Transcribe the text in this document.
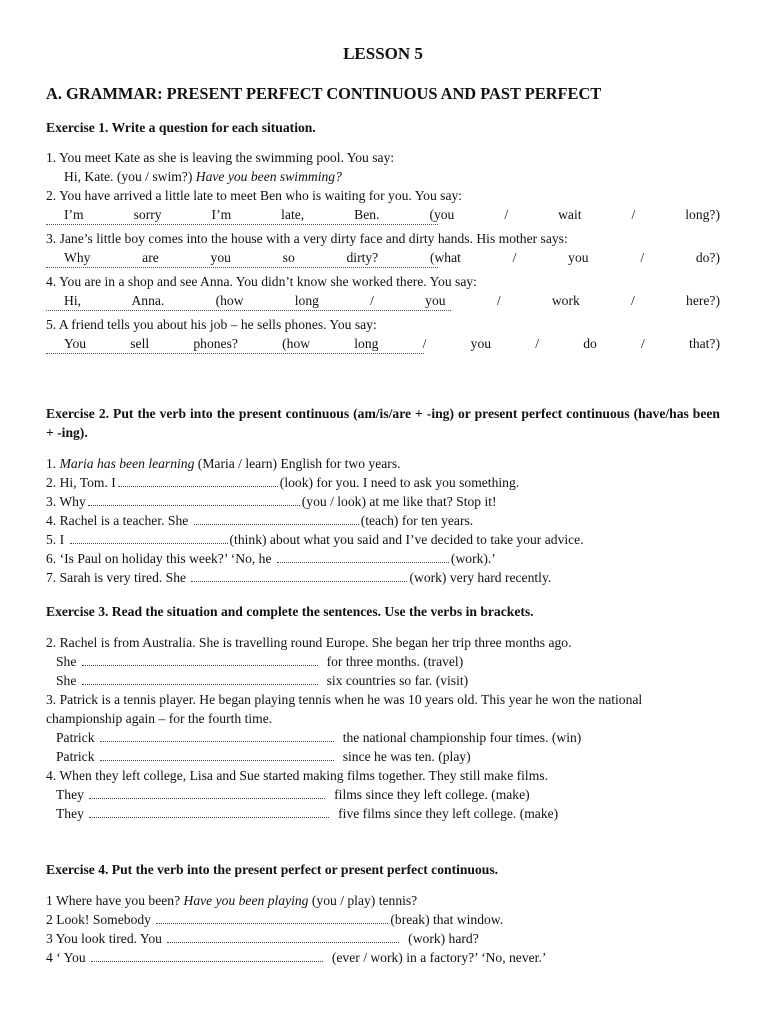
LESSON 5
A. GRAMMAR: PRESENT PERFECT CONTINUOUS AND PAST PERFECT

Exercise 1. Write a question for each situation.

1. You meet Kate as she is leaving the swimming pool. You say:

Hi, Kate. (you / swim?) Have you been swimming?

2. You have arrived a little late to meet Ben who is waiting for you. You say:

I’m sorry I’m late, Ben. (you / wait / long?)

3. Jane’s little boy comes into the house with a very dirty face and dirty hands. His mother says:

Why are you so dirty? (what / you / do?)

4. You are in a shop and see Anna. You didn’t know she worked there. You say:

Hi, Anna. (how long / you / work / here?)

5. A friend tells you about his job – he sells phones. You say:

You sell phones? (how long / you / do / that?)

Exercise 2. Put the verb into the present continuous (am/is/are + -ing) or present perfect continuous (have/has been + -ing).

1. Maria has been learning (Maria / learn) English for two years.

2. Hi, Tom. I	(look) for you. I need to ask you something.

3. Why	(you / look) at me like that? Stop it!

4. Rachel is a teacher. She	(teach) for ten years.

5. I	(think) about what you said and I’ve decided to take your advice.

6. ‘Is Paul on holiday this week?’ ‘No, he	(work).’

7. Sarah is very tired. She	(work) very hard recently.

Exercise 3. Read the situation and complete the sentences. Use the verbs in brackets.

2. Rachel is from Australia. She is travelling round Europe. She began her trip three months ago.

She	for three months. (travel)

She	six countries so far. (visit)

3. Patrick is a tennis player. He began playing tennis when he was 10 years old. This year he won the national

championship again – for the fourth time.

Patrick	the national championship four times. (win)

Patrick	since he was ten. (play)

4. When they left college, Lisa and Sue started making films together. They still make films.

They	films since they left college. (make)

They	five films since they left college. (make)

Exercise 4. Put the verb into the present perfect or present perfect continuous.

1 Where have you been? Have you been playing (you / play) tennis?

2 Look! Somebody	(break) that window.

3 You look tired. You	(work) hard?

4 ‘ You	(ever / work) in a factory?’ ‘No, never.’
